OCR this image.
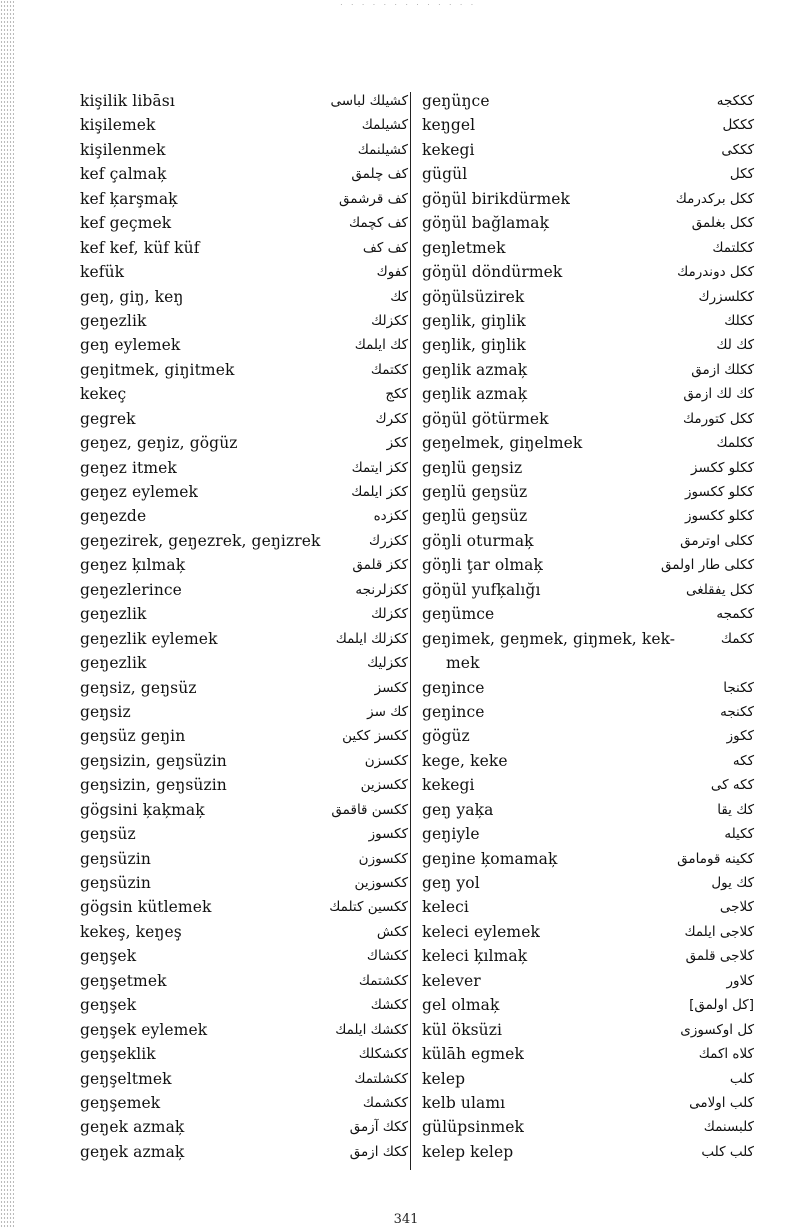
· · · · · · · · · · · · ·
kişilik libāsı	کشیلك لباسی
kişilemek	کشیلمك
kişilenmek	کشیلنمك
kef çalmaķ	کف چلمق
kef ķarşmaķ	کف قرشمق
kef geçmek	کف کچمك
kef kef, küf küf	کف کف
kefük	کفوك
geŋ, giŋ, keŋ	کك
geŋezlik	ککزلك
geŋ eylemek	کك ایلمك
geŋitmek, giŋitmek	ککتمك
kekeç	ککج
gegrek	ککرك
geŋez, geŋiz, gögüz	ککز
geŋez itmek	ککز ایتمك
geŋez eylemek	ککز ایلمك
geŋezde	ککزده
geŋezirek, geŋezrek, geŋizrek	ککزرك
geŋez ķılmaķ	ککز قلمق
geŋezlerince	ککزلرنجه
geŋezlik	ککزلك
geŋezlik eylemek	ککزلك ایلمك
geŋezlik	ککزلیك
geŋsiz, geŋsüz	ککسز
geŋsiz	کك سز
geŋsüz geŋin	ککسز ککین
geŋsizin, geŋsüzin	ککسزن
geŋsizin, geŋsüzin	ککسزین
gögsini ķaķmaķ	ککسن قاقمق
geŋsüz	ککسوز
geŋsüzin	ککسوزن
geŋsüzin	ککسوزین
gögsin kütlemek	ککسین کتلمك
kekeş, keŋeş	ککش
geŋşek	ککشاك
geŋşetmek	ککشتمك
geŋşek	ککشك
geŋşek eylemek	ککشك ایلمك
geŋşeklik	ککشكلك
geŋşeltmek	ککشلتمك
geŋşemek	ککشمك
geŋek azmaķ	ککك آزمق
geŋek azmaķ	ککك ازمق
geŋüŋce	کککجه
keŋgel	کککل
kekegi	کککی
gügül	ککل
göŋül birikdürmek	ککل برکدرمك
göŋül bağlamaķ	ککل بغلمق
geŋletmek	ککلتمك
göŋül döndürmek	ککل دوندرمك
göŋülsüzirek	ککلسزرك
geŋlik, giŋlik	ککلك
geŋlik, giŋlik	کك لك
geŋlik azmaķ	ککلك ازمق
geŋlik azmaķ	کك لك ازمق
göŋül götürmek	ککل کتورمك
geŋelmek, giŋelmek	ککلمك
geŋlü geŋsiz	ککلو ککسز
geŋlü geŋsüz	ککلو ککسوز
geŋlü geŋsüz	ککلو ککسوز
göŋli oturmaķ	ککلی اوترمق
göŋli ţar olmaķ	ککلی طار اولمق
göŋül yufķalığı	ککل یفقلغی
geŋümce	ککمجه
geŋimek, geŋmek, giŋmek, kek-	ککمك
mek
geŋince	ککنجا
geŋince	ککنجه
gögüz	ککوز
kege, keke	ککه
kekegi	ککه کی
geŋ yaķa	کك یقا
geŋiyle	ککیله
geŋine ķomamaķ	ککینه قومامق
geŋ yol	کك یول
keleci	کلاجی
keleci eylemek	کلاجی ایلمك
keleci ķılmaķ	کلاجی قلمق
kelever	کلاور
gel olmaķ	[کل اولمق]
kül öksüzi	کل اوکسوزی
külāh egmek	کلاه اکمك
kelep	کلب
kelb ulamı	کلب اولامی
gülüpsinmek	کلبسنمك
kelep kelep	کلب کلب
341
